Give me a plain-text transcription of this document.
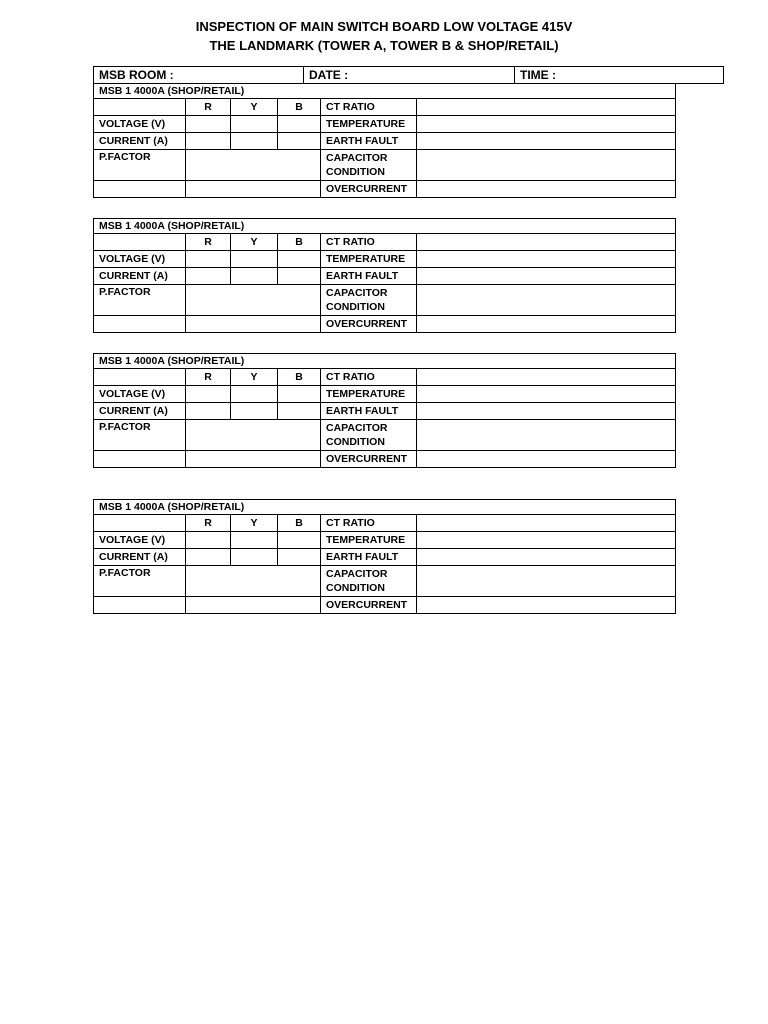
INSPECTION OF MAIN SWITCH BOARD LOW VOLTAGE 415V
THE LANDMARK (TOWER A, TOWER B & SHOP/RETAIL)
MSB ROOM :	DATE :	TIME :
MSB 1 4000A (SHOP/RETAIL)					
	R	Y	B	CT RATIO	
VOLTAGE (V)				TEMPERATURE	
CURRENT (A)				EARTH FAULT	
P.FACTOR				CAPACITOR CONDITION	
				OVERCURRENT	
MSB 1 4000A (SHOP/RETAIL)					
	R	Y	B	CT RATIO	
VOLTAGE (V)				TEMPERATURE	
CURRENT (A)				EARTH FAULT	
P.FACTOR				CAPACITOR CONDITION	
				OVERCURRENT	
MSB 1 4000A (SHOP/RETAIL)					
	R	Y	B	CT RATIO	
VOLTAGE (V)				TEMPERATURE	
CURRENT (A)				EARTH FAULT	
P.FACTOR				CAPACITOR CONDITION	
				OVERCURRENT	
MSB 1 4000A (SHOP/RETAIL)					
	R	Y	B	CT RATIO	
VOLTAGE (V)				TEMPERATURE	
CURRENT (A)				EARTH FAULT	
P.FACTOR				CAPACITOR CONDITION	
				OVERCURRENT	
